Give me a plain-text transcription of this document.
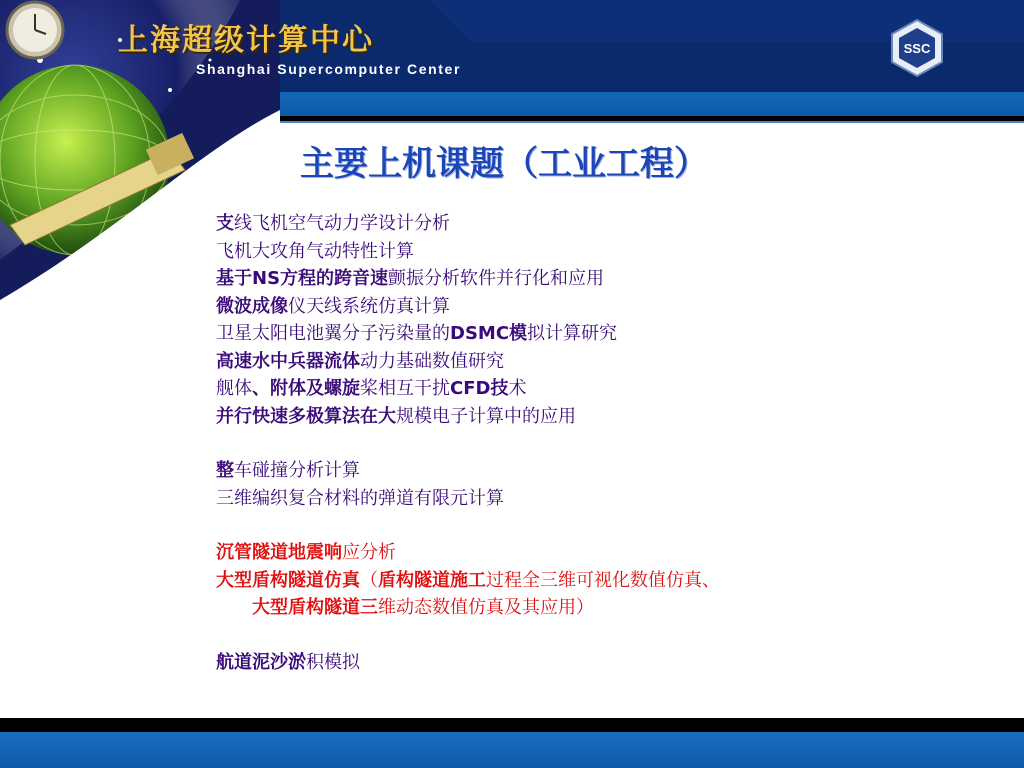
上海超级计算中心
Shanghai Supercomputer Center
SSC
主要上机课题（工业工程）
支线飞机空气动力学设计分析
飞机大攻角气动特性计算
基于NS方程的跨音速颤振分析软件并行化和应用
微波成像仪天线系统仿真计算
卫星太阳电池翼分子污染量的DSMC模拟计算研究
高速水中兵器流体动力基础数值研究
舰体、附体及螺旋桨相互干扰CFD技术
并行快速多极算法在大规模电子计算中的应用
整车碰撞分析计算
三维编织复合材料的弹道有限元计算
沉管隧道地震响应分析
大型盾构隧道仿真（盾构隧道施工过程全三维可视化数值仿真、
大型盾构隧道三维动态数值仿真及其应用）
航道泥沙淤积模拟
